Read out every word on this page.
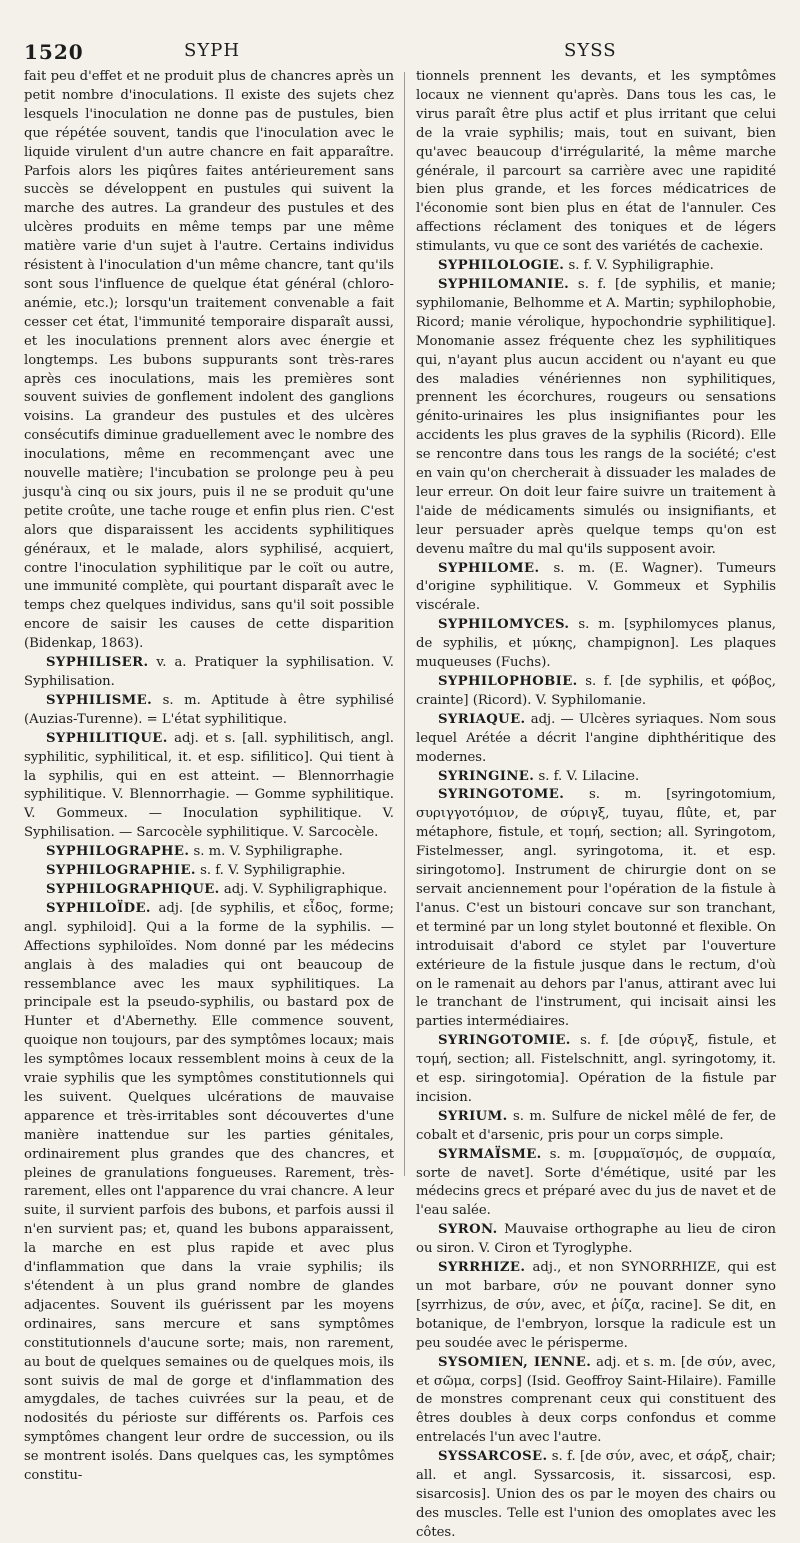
1520	SYPH	SYSS

fait peu d'effet et ne produit plus de chancres après un petit nombre d'inoculations. Il existe des sujets chez lesquels l'inoculation ne donne pas de pustules, bien que répétée souvent, tandis que l'inoculation avec le liquide virulent d'un autre chancre en fait apparaître. Parfois alors les piqûres faites antérieurement sans succès se développent en pustules qui suivent la marche des autres. La grandeur des pustules et des ulcères produits en même temps par une même matière varie d'un sujet à l'autre. Certains individus résistent à l'inoculation d'un même chancre, tant qu'ils sont sous l'influence de quelque état général (chloro-anémie, etc.); lorsqu'un traitement convenable a fait cesser cet état, l'immunité temporaire disparaît aussi, et les inoculations prennent alors avec énergie et longtemps. Les bubons suppurants sont très-rares après ces inoculations, mais les premières sont souvent suivies de gonflement indolent des ganglions voisins. La grandeur des pustules et des ulcères consécutifs diminue graduellement avec le nombre des inoculations, même en recommençant avec une nouvelle matière; l'incubation se prolonge peu à peu jusqu'à cinq ou six jours, puis il ne se produit qu'une petite croûte, une tache rouge et enfin plus rien. C'est alors que disparaissent les accidents syphilitiques généraux, et le malade, alors syphilisé, acquiert, contre l'inoculation syphilitique par le coït ou autre, une immunité complète, qui pourtant disparaît avec le temps chez quelques individus, sans qu'il soit possible encore de saisir les causes de cette disparition (Bidenkap, 1863).

SYPHILISER. v. a. Pratiquer la syphilisation. V. Syphilisation.

SYPHILISME. s. m. Aptitude à être syphilisé (Auzias-Turenne). = L'état syphilitique.

SYPHILITIQUE. adj. et s. [all. syphilitisch, angl. syphilitic, syphilitical, it. et esp. sifilitico]. Qui tient à la syphilis, qui en est atteint. — Blennorrhagie syphilitique. V. Blennorrhagie. — Gomme syphilitique. V. Gommeux. — Inoculation syphilitique. V. Syphilisation. — Sarcocèle syphilitique. V. Sarcocèle.

SYPHILOGRAPHE. s. m. V. Syphiligraphe.

SYPHILOGRAPHIE. s. f. V. Syphiligraphie.

SYPHILOGRAPHIQUE. adj. V. Syphiligraphique.

SYPHILOÏDE. adj. [de syphilis, et εἶδος, forme; angl. syphiloid]. Qui a la forme de la syphilis. — Affections syphiloïdes. Nom donné par les médecins anglais à des maladies qui ont beaucoup de ressemblance avec les maux syphilitiques. La principale est la pseudo-syphilis, ou bastard pox de Hunter et d'Abernethy. Elle commence souvent, quoique non toujours, par des symptômes locaux; mais les symptômes locaux ressemblent moins à ceux de la vraie syphilis que les symptômes constitutionnels qui les suivent. Quelques ulcérations de mauvaise apparence et très-irritables sont découvertes d'une manière inattendue sur les parties génitales, ordinairement plus grandes que des chancres, et pleines de granulations fongueuses. Rarement, très-rarement, elles ont l'apparence du vrai chancre. A leur suite, il survient parfois des bubons, et parfois aussi il n'en survient pas; et, quand les bubons apparaissent, la marche en est plus rapide et avec plus d'inflammation que dans la vraie syphilis; ils s'étendent à un plus grand nombre de glandes adjacentes. Souvent ils guérissent par les moyens ordinaires, sans mercure et sans symptômes constitutionnels d'aucune sorte; mais, non rarement, au bout de quelques semaines ou de quelques mois, ils sont suivis de mal de gorge et d'inflammation des amygdales, de taches cuivrées sur la peau, et de nodosités du périoste sur différents os. Parfois ces symptômes changent leur ordre de succession, ou ils se montrent isolés. Dans quelques cas, les symptômes constitu-

tionnels prennent les devants, et les symptômes locaux ne viennent qu'après. Dans tous les cas, le virus paraît être plus actif et plus irritant que celui de la vraie syphilis; mais, tout en suivant, bien qu'avec beaucoup d'irrégularité, la même marche générale, il parcourt sa carrière avec une rapidité bien plus grande, et les forces médicatrices de l'économie sont bien plus en état de l'annuler. Ces affections réclament des toniques et de légers stimulants, vu que ce sont des variétés de cachexie.

SYPHILOLOGIE. s. f. V. Syphiligraphie.

SYPHILOMANIE. s. f. [de syphilis, et manie; syphilomanie, Belhomme et A. Martin; syphilophobie, Ricord; manie vérolique, hypochondrie syphilitique]. Monomanie assez fréquente chez les syphilitiques qui, n'ayant plus aucun accident ou n'ayant eu que des maladies vénériennes non syphilitiques, prennent les écorchures, rougeurs ou sensations génito-urinaires les plus insignifiantes pour les accidents les plus graves de la syphilis (Ricord). Elle se rencontre dans tous les rangs de la société; c'est en vain qu'on chercherait à dissuader les malades de leur erreur. On doit leur faire suivre un traitement à l'aide de médicaments simulés ou insignifiants, et leur persuader après quelque temps qu'on est devenu maître du mal qu'ils supposent avoir.

SYPHILOME. s. m. (E. Wagner). Tumeurs d'origine syphilitique. V. Gommeux et Syphilis viscérale.

SYPHILOMYCES. s. m. [syphilomyces planus, de syphilis, et μύκης, champignon]. Les plaques muqueuses (Fuchs).

SYPHILOPHOBIE. s. f. [de syphilis, et φόβος, crainte] (Ricord). V. Syphilomanie.

SYRIAQUE. adj. — Ulcères syriaques. Nom sous lequel Arétée a décrit l'angine diphthéritique des modernes.

SYRINGINE. s. f. V. Lilacine.

SYRINGOTOME. s. m. [syringotomium, συριγγοτόμιον, de σύριγξ, tuyau, flûte, et, par métaphore, fistule, et τομή, section; all. Syringotom, Fistelmesser, angl. syringotoma, it. et esp. siringotomo]. Instrument de chirurgie dont on se servait anciennement pour l'opération de la fistule à l'anus. C'est un bistouri concave sur son tranchant, et terminé par un long stylet boutonné et flexible. On introduisait d'abord ce stylet par l'ouverture extérieure de la fistule jusque dans le rectum, d'où on le ramenait au dehors par l'anus, attirant avec lui le tranchant de l'instrument, qui incisait ainsi les parties intermédiaires.

SYRINGOTOMIE. s. f. [de σύριγξ, fistule, et τομή, section; all. Fistelschnitt, angl. syringotomy, it. et esp. siringotomia]. Opération de la fistule par incision.

SYRIUM. s. m. Sulfure de nickel mêlé de fer, de cobalt et d'arsenic, pris pour un corps simple.

SYRMAÏSME. s. m. [συρμαϊσμός, de συρμαία, sorte de navet]. Sorte d'émétique, usité par les médecins grecs et préparé avec du jus de navet et de l'eau salée.

SYRON. Mauvaise orthographe au lieu de ciron ou siron. V. Ciron et Tyroglyphe.

SYRRHIZE. adj., et non SYNORRHIZE, qui est un mot barbare, σύν ne pouvant donner syno [syrrhizus, de σύν, avec, et ῥίζα, racine]. Se dit, en botanique, de l'embryon, lorsque la radicule est un peu soudée avec le périsperme.

SYSOMIEN, IENNE. adj. et s. m. [de σύν, avec, et σῶμα, corps] (Isid. Geoffroy Saint-Hilaire). Famille de monstres comprenant ceux qui constituent des êtres doubles à deux corps confondus et comme entrelacés l'un avec l'autre.

SYSSARCOSE. s. f. [de σύν, avec, et σάρξ, chair; all. et angl. Syssarcosis, it. sissarcosi, esp. sisarcosis]. Union des os par le moyen des chairs ou des muscles. Telle est l'union des omoplates avec les côtes.
